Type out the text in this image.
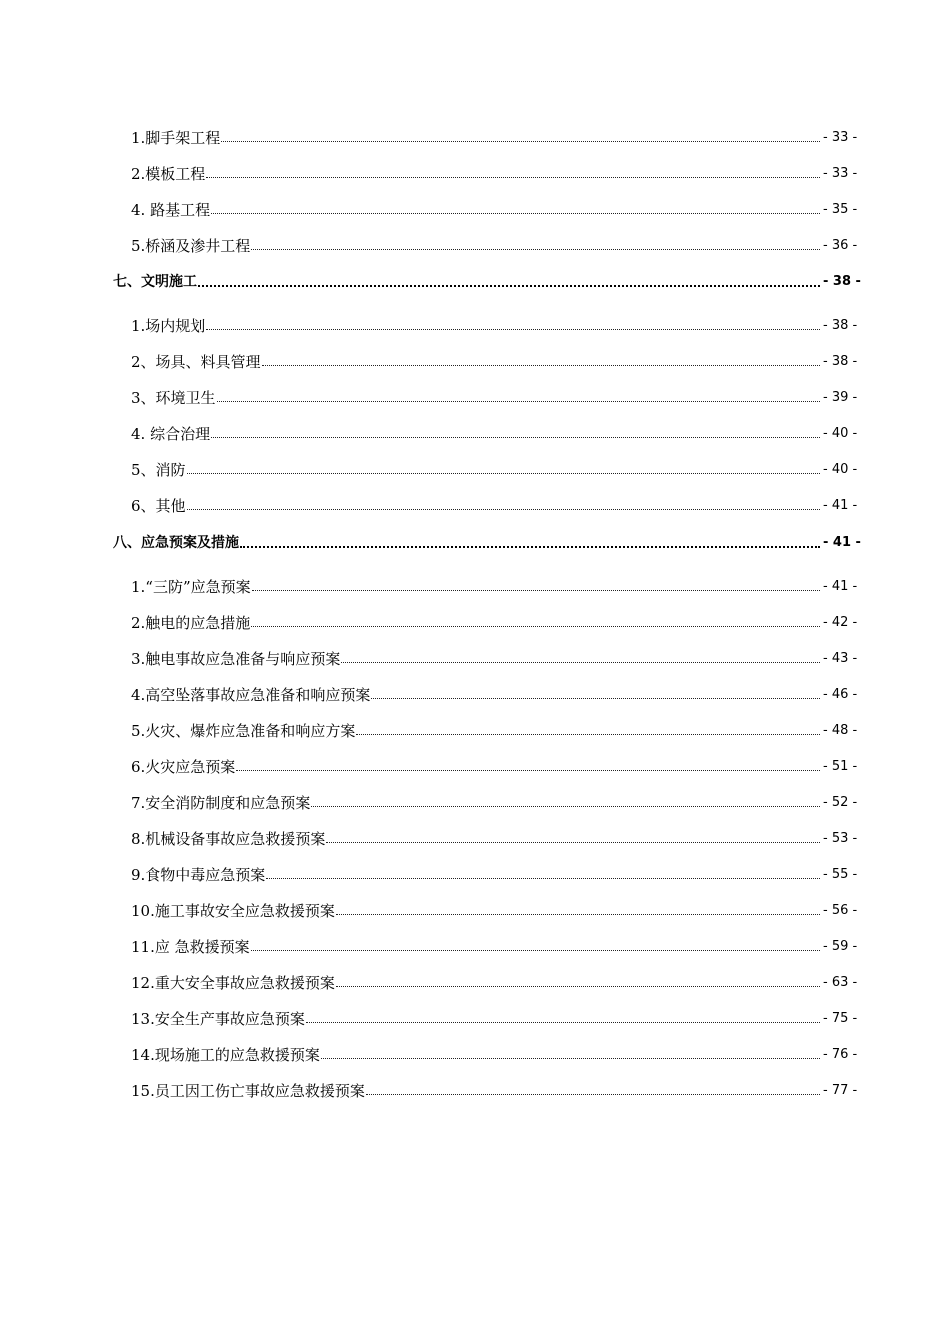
1.脚手架工程	- 33 -
2.模板工程	- 33 -
4. 路基工程	- 35 -
5.桥涵及渗井工程	- 36 -
七、文明施工	- 38 -
1.场内规划	- 38 -
2、场具、料具管理	- 38 -
3、环境卫生	- 39 -
4. 综合治理	- 40 -
5、消防	- 40 -
6、其他	- 41 -
八、应急预案及措施	- 41 -
1.“三防”应急预案	- 41 -
2.触电的应急措施	- 42 -
3.触电事故应急准备与响应预案	- 43 -
4.高空坠落事故应急准备和响应预案	- 46 -
5.火灾、爆炸应急准备和响应方案	- 48 -
6.火灾应急预案	- 51 -
7.安全消防制度和应急预案	- 52 -
8.机械设备事故应急救援预案	- 53 -
9.食物中毒应急预案	- 55 -
10.施工事故安全应急救援预案	- 56 -
11.应 急救援预案	- 59 -
12.重大安全事故应急救援预案	- 63 -
13.安全生产事故应急预案	- 75 -
14.现场施工的应急救援预案	- 76 -
15.员工因工伤亡事故应急救援预案	- 77 -
